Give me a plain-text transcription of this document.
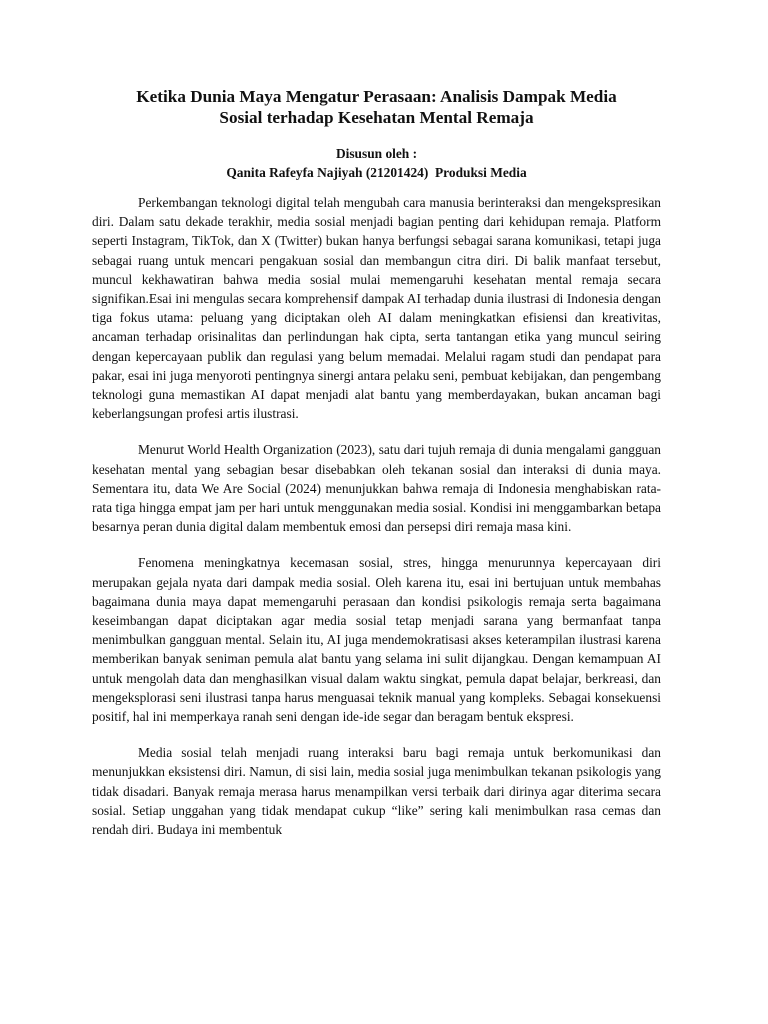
Ketika Dunia Maya Mengatur Perasaan: Analisis Dampak Media
Sosial terhadap Kesehatan Mental Remaja
Disusun oleh :
Qanita Rafeyfa Najiyah (21201424)  Produksi Media

Perkembangan teknologi digital telah mengubah cara manusia berinteraksi dan mengekspresikan diri. Dalam satu dekade terakhir, media sosial menjadi bagian penting dari kehidupan remaja. Platform seperti Instagram, TikTok, dan X (Twitter) bukan hanya berfungsi sebagai sarana komunikasi, tetapi juga sebagai ruang untuk mencari pengakuan sosial dan membangun citra diri. Di balik manfaat tersebut, muncul kekhawatiran bahwa media sosial mulai memengaruhi kesehatan mental remaja secara signifikan.Esai ini mengulas secara komprehensif dampak AI terhadap dunia ilustrasi di Indonesia dengan tiga fokus utama: peluang yang diciptakan oleh AI dalam meningkatkan efisiensi dan kreativitas, ancaman terhadap orisinalitas dan perlindungan hak cipta, serta tantangan etika yang muncul seiring dengan kepercayaan publik dan regulasi yang belum memadai. Melalui ragam studi dan pendapat para pakar, esai ini juga menyoroti pentingnya sinergi antara pelaku seni, pembuat kebijakan, dan pengembang teknologi guna memastikan AI dapat menjadi alat bantu yang memberdayakan, bukan ancaman bagi keberlangsungan profesi artis ilustrasi.

Menurut World Health Organization (2023), satu dari tujuh remaja di dunia mengalami gangguan kesehatan mental yang sebagian besar disebabkan oleh tekanan sosial dan interaksi di dunia maya. Sementara itu, data We Are Social (2024) menunjukkan bahwa remaja di Indonesia menghabiskan rata-rata tiga hingga empat jam per hari untuk menggunakan media sosial. Kondisi ini menggambarkan betapa besarnya peran dunia digital dalam membentuk emosi dan persepsi diri remaja masa kini.

Fenomena meningkatnya kecemasan sosial, stres, hingga menurunnya kepercayaan diri merupakan gejala nyata dari dampak media sosial. Oleh karena itu, esai ini bertujuan untuk membahas bagaimana dunia maya dapat memengaruhi perasaan dan kondisi psikologis remaja serta bagaimana keseimbangan dapat diciptakan agar media sosial tetap menjadi sarana yang bermanfaat tanpa menimbulkan gangguan mental. Selain itu, AI juga mendemokratisasi akses keterampilan ilustrasi karena memberikan banyak seniman pemula alat bantu yang selama ini sulit dijangkau. Dengan kemampuan AI untuk mengolah data dan menghasilkan visual dalam waktu singkat, pemula dapat belajar, berkreasi, dan mengeksplorasi seni ilustrasi tanpa harus menguasai teknik manual yang kompleks. Sebagai konsekuensi positif, hal ini memperkaya ranah seni dengan ide-ide segar dan beragam bentuk ekspresi.

Media sosial telah menjadi ruang interaksi baru bagi remaja untuk berkomunikasi dan menunjukkan eksistensi diri. Namun, di sisi lain, media sosial juga menimbulkan tekanan psikologis yang tidak disadari. Banyak remaja merasa harus menampilkan versi terbaik dari dirinya agar diterima secara sosial. Setiap unggahan yang tidak mendapat cukup “like” sering kali menimbulkan rasa cemas dan rendah diri. Budaya ini membentuk
